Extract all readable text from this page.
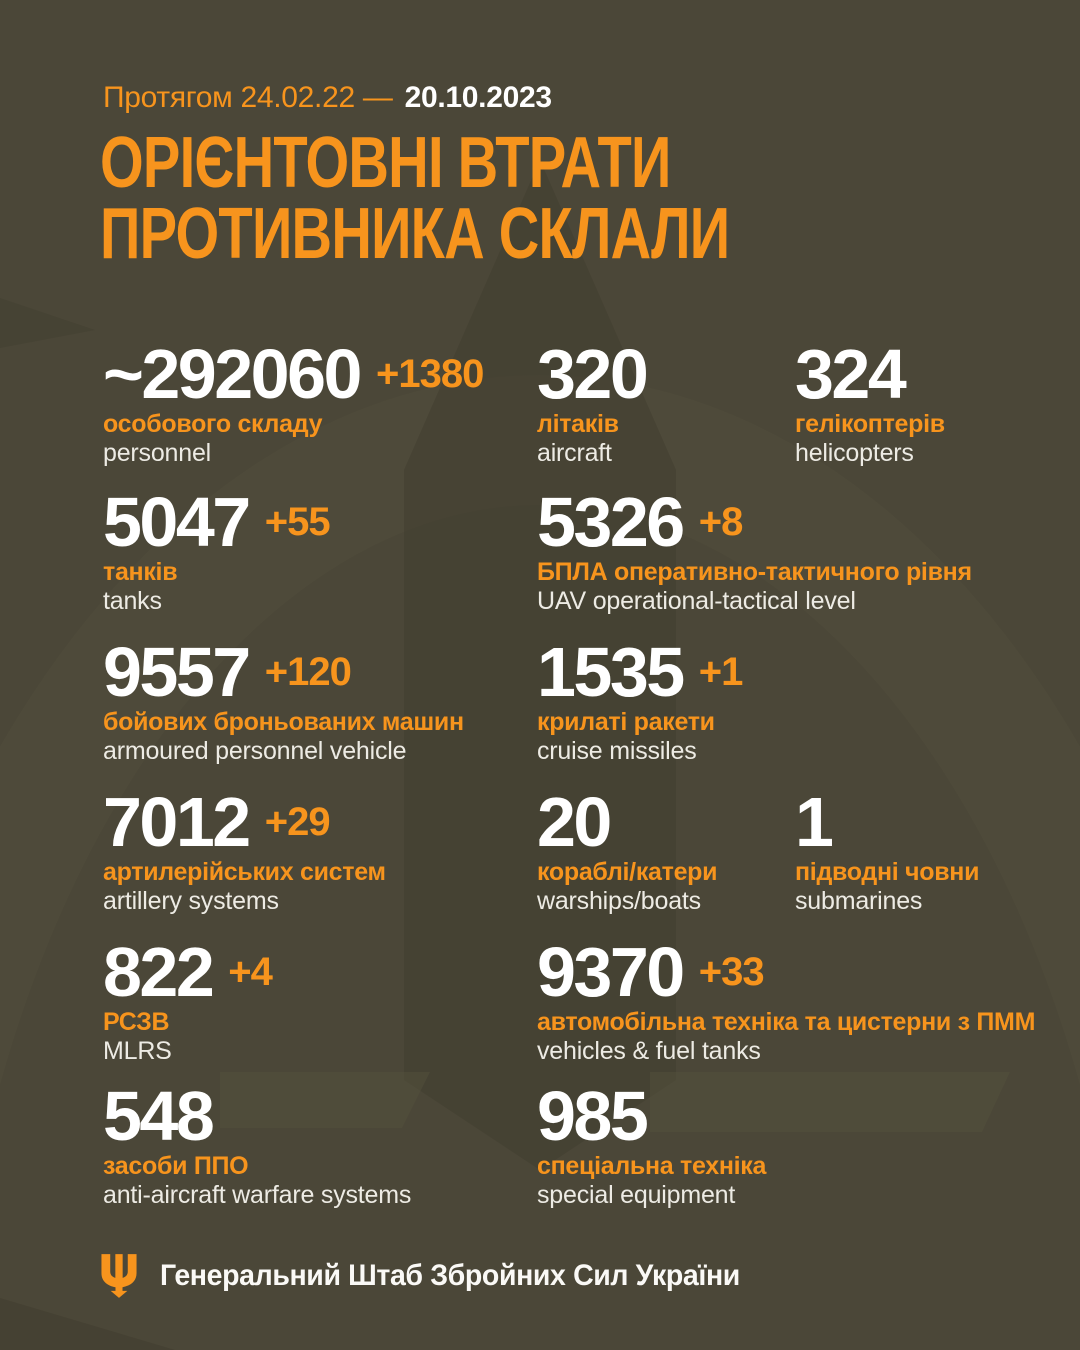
Протягом 24.02.22 — 20.10.2023
ОРІЄНТОВНІ ВТРАТИ
ПРОТИВНИКА СКЛАЛИ
~292060 +1380
особового складу
personnel
320
літаків
aircraft
324
гелікоптерів
helicopters
5047 +55
танків
tanks
5326 +8
БПЛА оперативно-тактичного рівня
UAV operational-tactical level
9557 +120
бойових броньованих машин
armoured personnel vehicle
1535 +1
крилаті ракети
cruise missiles
7012 +29
артилерійських систем
artillery systems
20
кораблі/катери
warships/boats
1
підводні човни
submarines
822 +4
РСЗВ
MLRS
9370 +33
автомобільна техніка та цистерни з ПММ
vehicles & fuel tanks
548
засоби ППО
anti-aircraft warfare systems
985
спеціальна техніка
special equipment
Генеральний Штаб Збройних Сил України
